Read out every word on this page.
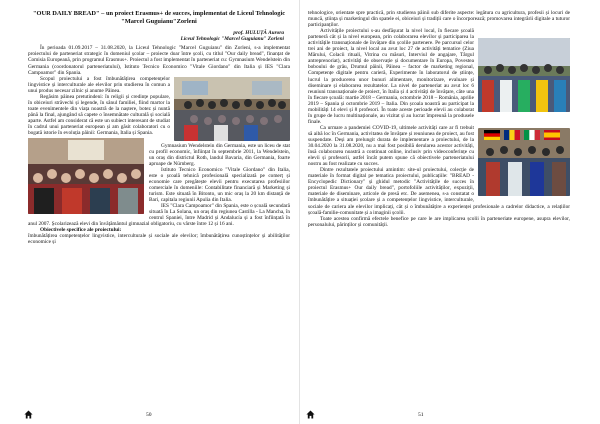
"OUR DAILY BREAD" – un proiect Erasmus+ de succes, implementat de Liceul Tehnologic "Marcel Guguianu"Zorleni
prof. HULUȚĂ Aurora
Liceul Tehnologic "Marcel Guguianu" Zorleni

În perioada 01.09.2017 – 31.08.2020, la Liceul Tehnologic "Marcel Guguianu" din Zorleni, s-a implementat proiectului de parteneriat strategic în domeniul școlar – proiecte doar între școli, cu titlul "Our daily bread", finanțat de Comisia Europeană, prin programul Erasmus+. Proiectul a fost implementat în parteneriat cu: Gymnasium Wendelstein din Germania (coordonatorul parteneriatului), Istituto Tecnico Economico "Vitale Giordano" din Italia și IES "Clara Campoamor" din Spania.

Scopul proiectului a fost îmbunătățirea competențelor lingvistice și interculturale ale elevilor prin studierea în comun a unui produs necesar zilnic și anume Pâinea.

Regăsim pâinea pretutindeni: în religii și credințe populare, în obiceiuri străvechi și legende, în sânul familiei, fiind martor la toate evenimentele din viața noastră de la naștere, botez și nuntă până la final, ajungând să capete o însemnătate culturală și socială aparte. Astfel am considerat că este un subiect interesant de studiat în cadrul unui parteneriat european și am găsit colaboratori cu o bogată istorie în evoluția pâinii: Germania, Italia și Spania.

Gymnasium Wendelstein din Germania, este un liceu de stat cu profil economic, înființat în septembrie 2011, la Wendelstein, un oraș din districtul Roth, landul Bavaria, din Germania, foarte aproape de Nürnberg.

Istituto Tecnico Economico "Vitale Giordano" din Italia, este o școală tehnică profesională specializată pe comerț și economie care pregătește elevii pentru executarea profesiilor comerciale în domeniile: Contabilitate financiară și Marketing și turism. Este situată în Bitonto, un mic oraș la 20 km distanță de Bari, capitala regiunii Apulia din Italia.

IES "Clara Campoamor" din Spania, este o școală secundară situată în La Solana, un oraș din regiunea Castilla - La Mancha, în centrul Spaniei, între Madrid și Andalucía și a fost înființată în anul 2007. Școlarizează elevi din învățământul gimnazial obligatoriu, cu vârste între 12 și 16 ani.

Obiectivele specifice ale proiectului:

îmbunătățirea competențelor lingvistice, interculturale și sociale ale elevilor; îmbunătățirea cunoștințelor și abilităților economice și

50

tehnologice, orientate spre practică, prin studierea pâinii sub diferite aspecte: legătura cu agricultura, profesii și locuri de muncă, știința și marketingul din spatele ei, obiceiuri și tradiții care o încorporează; promovarea integrării digitale a tuturor participanților.

Activitățile proiectului s-au desfășurat la nivel local, în fiecare școală parteneră cât și la nivel european, prin colaborarea elevilor și participarea la activitățile transnaționale de învățare din școlile partenere. Pe parcursul celor trei ani de proiect, la nivel local au avut loc 27 de activități tematice (Ziua Mărului, Colacii rituali, Vitrina cu măsuri, Interviul de angajare, Târgul antreprenoriat), activități de observație și documentare în Europa, Povestea boboului de grâu, Drumul pâinii, Pâinea – factor de marketing regional, Competențe digitale pentru carieră, Experimente în laboratorul de științe, lucrul la producerea unor bunuri alimentare, monitorizare, evaluare și diseminare și elaborarea rezultatelor. La nivel de parteneriat au avut loc 6 reuniuni transnaționale de proiect, în Italia și 4 activități de învățare, câte una în fiecare școală: martie 2018 – Germania, octombrie 2018 – România, aprilie 2019 – Spania și octombrie 2019 – Italia. Din școala noastră au participat la mobilități 14 elevi și 8 profesori. În toate aceste perioade elevii au colaborat în grupe de lucru multinaționale, au vizitat și au lucrat împreună la produsele finale.

Ca urmare a pandemiei COVID-19, ultimele activități care ar fi trebuit să aibă loc în Germania, activitatea de învățare și reuniunea de proiect, au fost suspendate. Deși am prelungit durata de implementare a proiectului, de la 30.04.2020 la 31.08.2020, nu a mai fost posibilă derularea acestor activități, însă colaborarea noastră a continuat online, inclusiv prin videoconferințe cu elevii și profesorii, astfel încât putem spune că obiectivele parteneriatului nostru au fost realizate cu succes.

Dintre rezultatele proiectului amintim: site-ul proiectului, colecție de materiale în format digital pe tematica proiectului, publicațiile: "BREAD - Encyclopedic Dictionary" și ghidul metodic "Activitățile de succes în proiectul Erasmus+ Our daily bread", portofoliile activităților, expoziții, materiale de diseminare, articole de presă etc. De asemenea, s-a constatat o îmbunătățire a situației școlare și a competențelor lingvistice, interculturale, sociale de cariera ale elevilor implicați, cât și o îmbunătățire a experienței profesionale a cadrelor didactice, a relațiilor școală-familie-comunitate și a imaginii școlii.

Toate acestea confirmă efectele benefice pe care le are implicarea școlii în parteneriate europene, asupra elevilor, personalului, părinților și comunității.

51
